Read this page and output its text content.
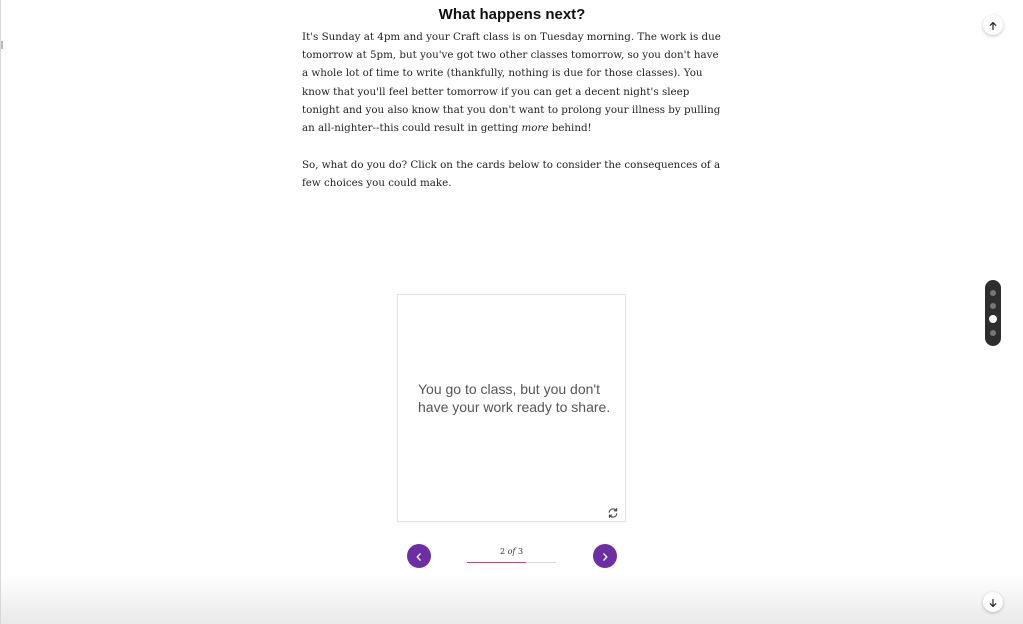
What happens next?

It's Sunday at 4pm and your Craft class is on Tuesday morning. The work is due tomorrow at 5pm, but you've got two other classes tomorrow, so you don't have a whole lot of time to write (thankfully, nothing is due for those classes). You know that you'll feel better tomorrow if you can get a decent night's sleep tonight and you also know that you don't want to prolong your illness by pulling an all-nighter--this could result in getting more behind!

So, what do you do? Click on the cards below to consider the consequences of a few choices you could make.

You go to class, but you don't have your work ready to share.

2 of 3
